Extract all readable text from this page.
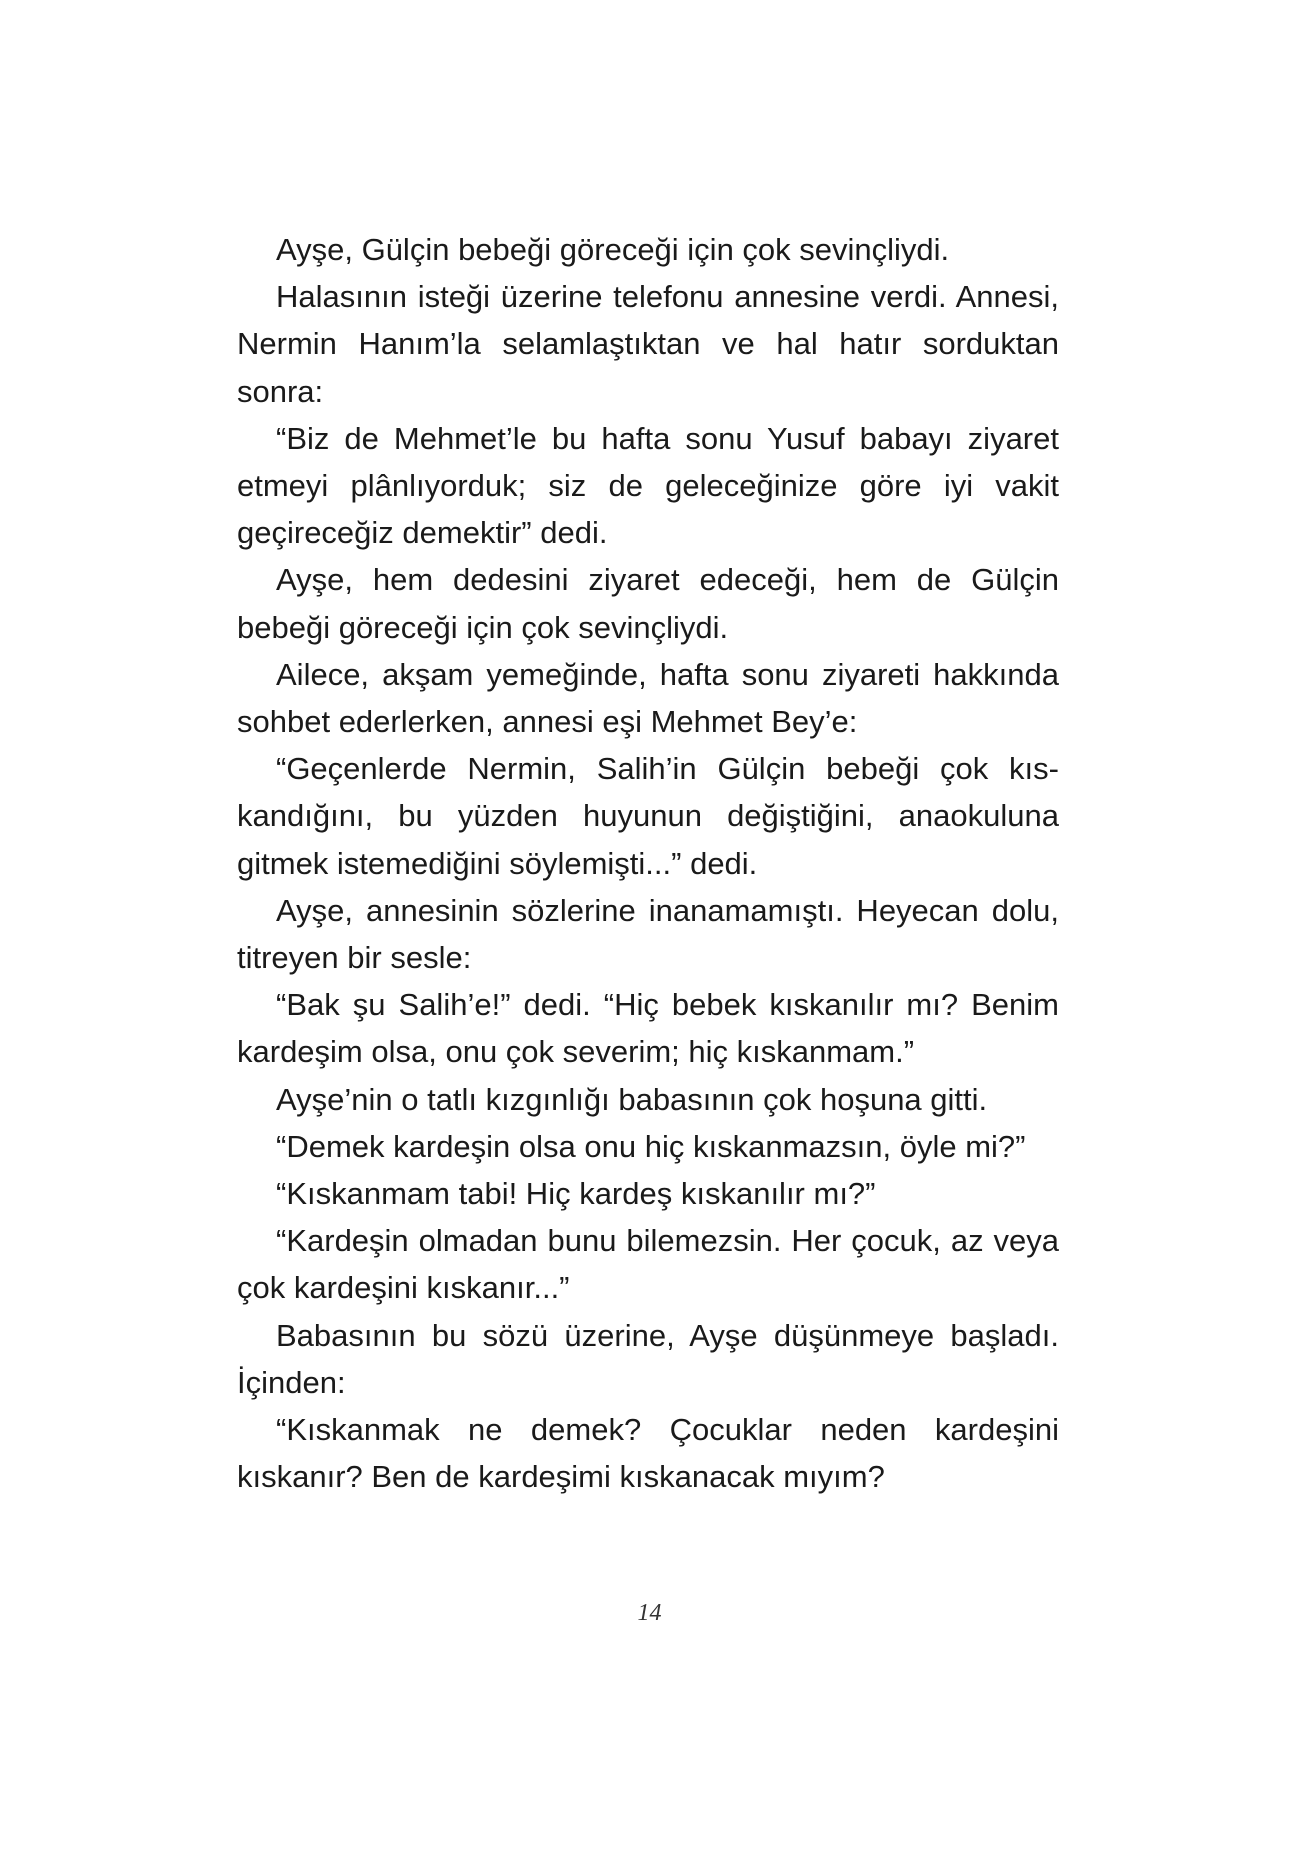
Ayşe, Gülçin bebeği göreceği için çok sevinçliydi.

Halasının isteği üzerine telefonu annesine verdi. Annesi, Nermin Hanım’la selamlaştıktan ve hal hatır sorduktan sonra:

“Biz de Mehmet’le bu hafta sonu Yusuf babayı ziyaret etmeyi plânlıyorduk; siz de geleceğinize göre iyi vakit geçireceğiz demektir” dedi.

Ayşe, hem dedesini ziyaret edeceği, hem de Gülçin bebeği göreceği için çok sevinçliydi.

Ailece, akşam yemeğinde, hafta sonu ziyareti hakkında sohbet ederlerken, annesi eşi Mehmet Bey’e:

“Geçenlerde Nermin, Salih’in Gülçin bebeği çok kıskandığını, bu yüzden huyunun değiştiğini, anaokuluna gitmek istemediğini söylemişti...” dedi.

Ayşe, annesinin sözlerine inanamamıştı. Heyecan dolu, titreyen bir sesle:

“Bak şu Salih’e!” dedi. “Hiç bebek kıskanılır mı? Benim kardeşim olsa, onu çok severim; hiç kıskanmam.”

Ayşe’nin o tatlı kızgınlığı babasının çok hoşuna gitti.

“Demek kardeşin olsa onu hiç kıskanmazsın, öyle mi?”

“Kıskanmam tabi! Hiç kardeş kıskanılır mı?”

“Kardeşin olmadan bunu bilemezsin. Her çocuk, az veya çok kardeşini kıskanır...”

Babasının bu sözü üzerine, Ayşe düşünmeye başladı. İçinden:

“Kıskanmak ne demek? Çocuklar neden kardeşini kıskanır? Ben de kardeşimi kıskanacak mıyım?

14
